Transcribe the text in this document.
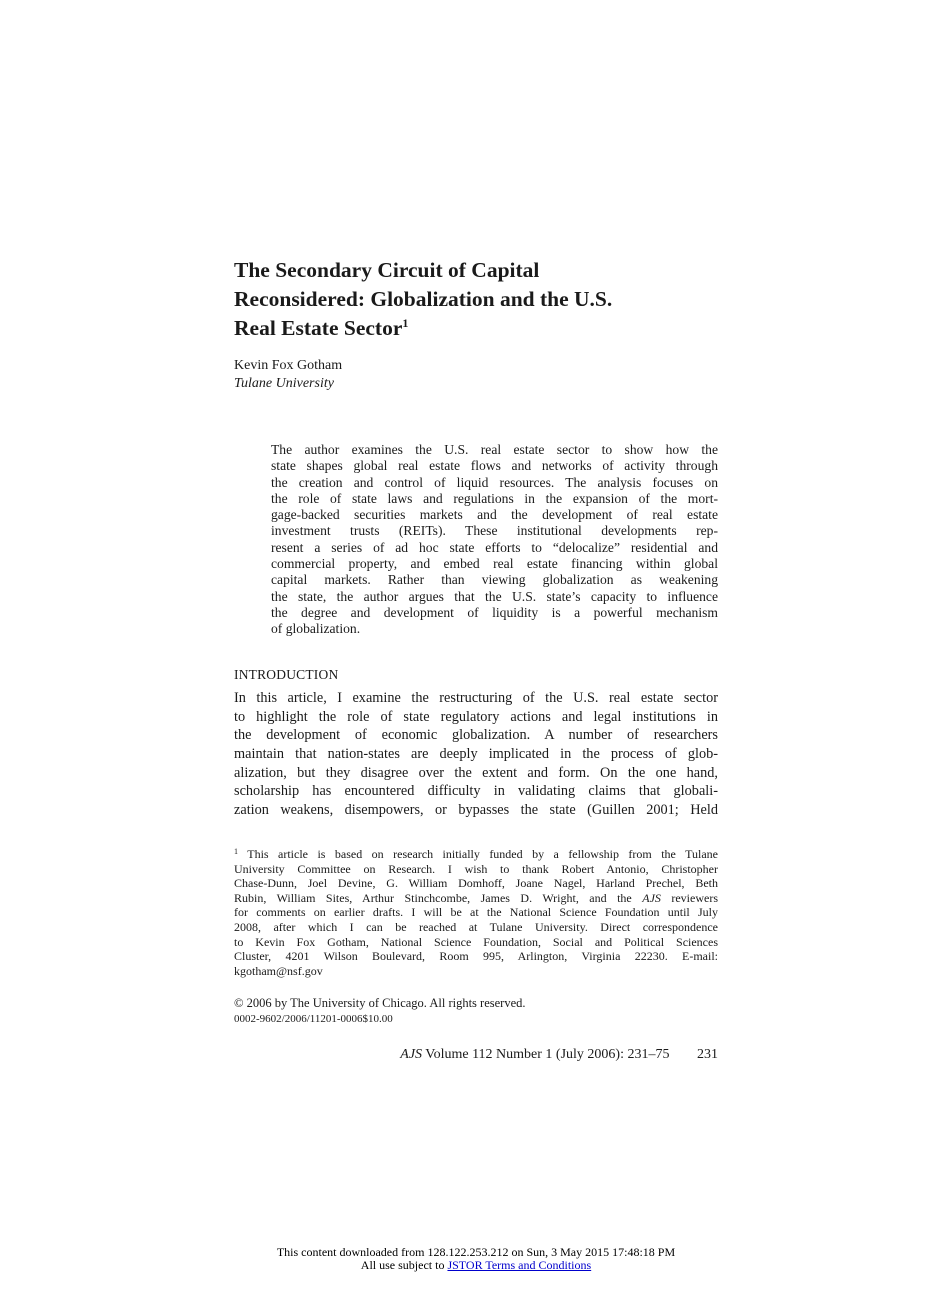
The Secondary Circuit of Capital
Reconsidered: Globalization and the U.S.
Real Estate Sector$^1$
Kevin Fox Gotham
Tulane University
The author examines the U.S. real estate sector to show how the
state shapes global real estate flows and networks of activity through
the creation and control of liquid resources. The analysis focuses on
the role of state laws and regulations in the expansion of the mort-
gage-backed securities markets and the development of real estate
investment trusts (REITs). These institutional developments rep-
resent a series of ad hoc state efforts to “delocalize” residential and
commercial property, and embed real estate financing within global
capital markets. Rather than viewing globalization as weakening
the state, the author argues that the U.S. state’s capacity to influence
the degree and development of liquidity is a powerful mechanism
of globalization.
INTRODUCTION
In this article, I examine the restructuring of the U.S. real estate sector
to highlight the role of state regulatory actions and legal institutions in
the development of economic globalization. A number of researchers
maintain that nation-states are deeply implicated in the process of glob-
alization, but they disagree over the extent and form. On the one hand,
scholarship has encountered difficulty in validating claims that globali-
zation weakens, disempowers, or bypasses the state (Guillen 2001; Held
$^1$ This article is based on research initially funded by a fellowship from the Tulane
University Committee on Research. I wish to thank Robert Antonio, Christopher
Chase-Dunn, Joel Devine, G. William Domhoff, Joane Nagel, Harland Prechel, Beth
Rubin, William Sites, Arthur Stinchcombe, James D. Wright, and the AJS reviewers
for comments on earlier drafts. I will be at the National Science Foundation until July
2008, after which I can be reached at Tulane University. Direct correspondence
to Kevin Fox Gotham, National Science Foundation, Social and Political Sciences
Cluster, 4201 Wilson Boulevard, Room 995, Arlington, Virginia 22230. E-mail:
kgotham@nsf.gov
© 2006 by The University of Chicago. All rights reserved.
0002-9602/2006/11201-0006$10.00
AJS Volume 112 Number 1 (July 2006): 231–75 231
This content downloaded from 128.122.253.212 on Sun, 3 May 2015 17:48:18 PM
All use subject to JSTOR Terms and Conditions
